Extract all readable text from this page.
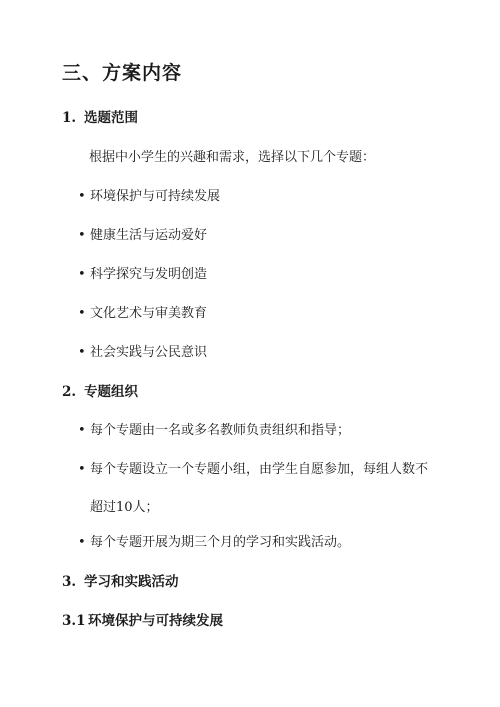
三、方案内容
1. 选题范围
根据中小学生的兴趣和需求，选择以下几个专题：
• 环境保护与可持续发展
• 健康生活与运动爱好
• 科学探究与发明创造
• 文化艺术与审美教育
• 社会实践与公民意识
2. 专题组织
• 每个专题由一名或多名教师负责组织和指导；
• 每个专题设立一个专题小组，由学生自愿参加，每组人数不
超过10人；
• 每个专题开展为期三个月的学习和实践活动。
3. 学习和实践活动
3.1 环境保护与可持续发展
